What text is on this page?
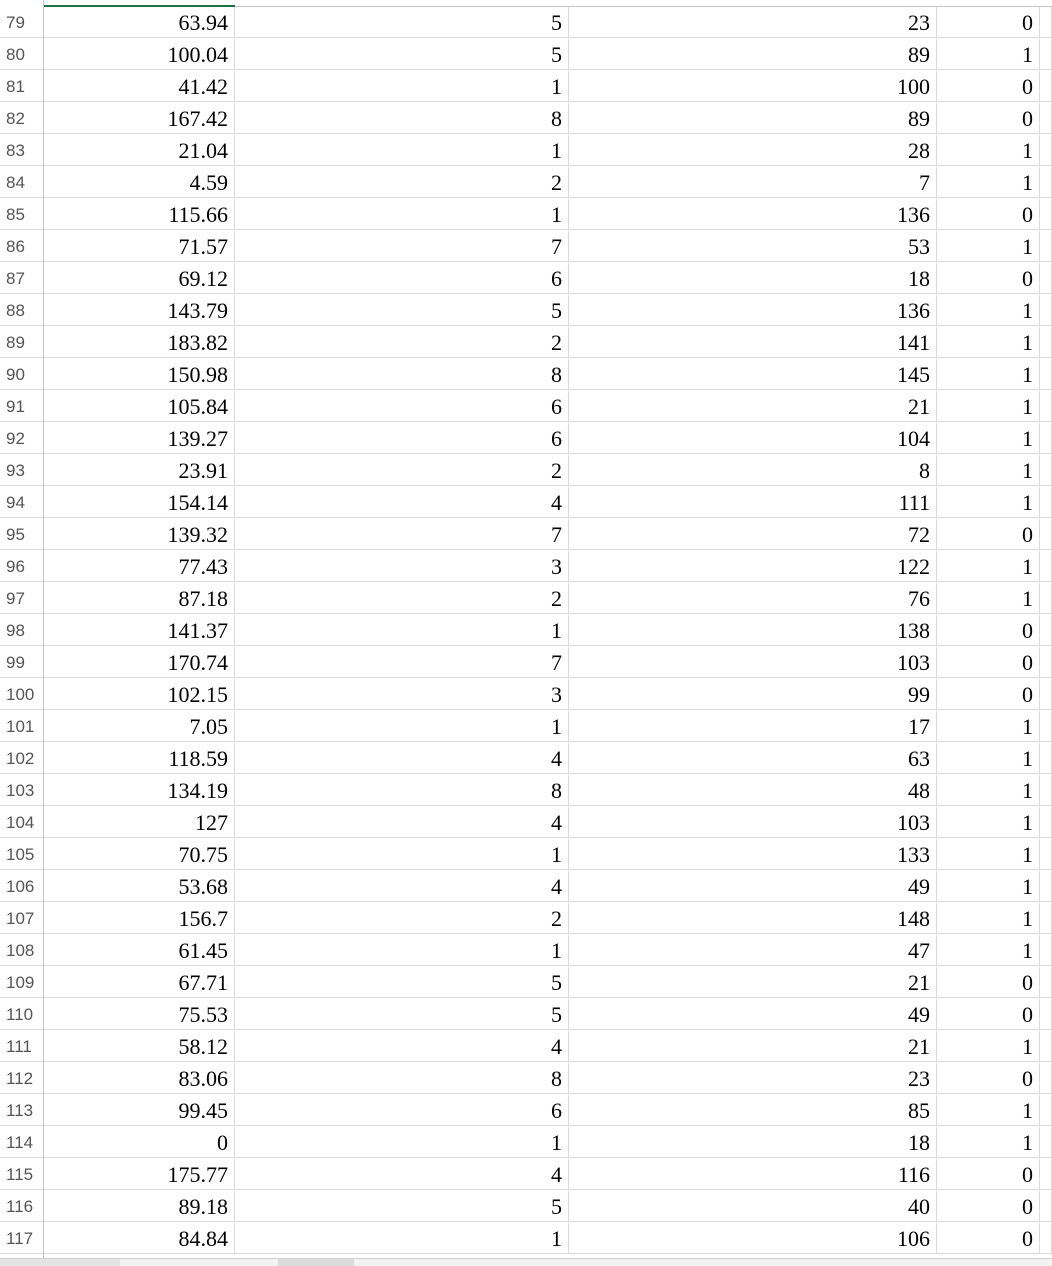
79	63.94	5	23	0
80	100.04	5	89	1
81	41.42	1	100	0
82	167.42	8	89	0
83	21.04	1	28	1
84	4.59	2	7	1
85	115.66	1	136	0
86	71.57	7	53	1
87	69.12	6	18	0
88	143.79	5	136	1
89	183.82	2	141	1
90	150.98	8	145	1
91	105.84	6	21	1
92	139.27	6	104	1
93	23.91	2	8	1
94	154.14	4	111	1
95	139.32	7	72	0
96	77.43	3	122	1
97	87.18	2	76	1
98	141.37	1	138	0
99	170.74	7	103	0
100	102.15	3	99	0
101	7.05	1	17	1
102	118.59	4	63	1
103	134.19	8	48	1
104	127	4	103	1
105	70.75	1	133	1
106	53.68	4	49	1
107	156.7	2	148	1
108	61.45	1	47	1
109	67.71	5	21	0
110	75.53	5	49	0
111	58.12	4	21	1
112	83.06	8	23	0
113	99.45	6	85	1
114	0	1	18	1
115	175.77	4	116	0
116	89.18	5	40	0
117	84.84	1	106	0
